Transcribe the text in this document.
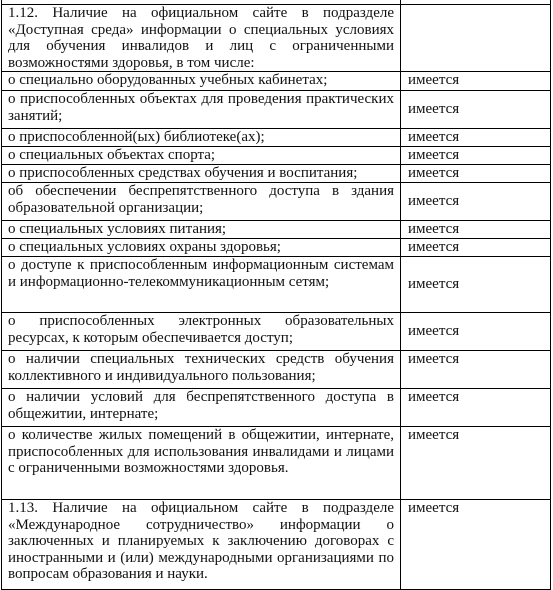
1.12. Наличие на официальном сайте в подразделе «Доступная среда» информации о специальных условиях для обучения инвалидов и лиц с ограниченными возможностями здоровья, в том числе:	
о специально оборудованных учебных кабинетах;	имеется
о приспособленных объектах для проведения практических занятий;	имеется
о приспособленной(ых) библиотеке(ах);	имеется
о специальных объектах спорта;	имеется
о приспособленных средствах обучения и воспитания;	имеется
об обеспечении беспрепятственного доступа в здания образовательной организации;	имеется
о специальных условиях питания;	имеется
о специальных условиях охраны здоровья;	имеется
о доступе к приспособленным информационным системам и информационно-телекоммуникационным сетям;	имеется
о приспособленных электронных образовательных ресурсах, к которым обеспечивается доступ;	имеется
о наличии специальных технических средств обучения коллективного и индивидуального пользования;	имеется
о наличии условий для беспрепятственного доступа в общежитии, интернате;	имеется
о количестве жилых помещений в общежитии, интернате, приспособленных для использования инвалидами и лицами с ограниченными возможностями здоровья.	имеется
1.13. Наличие на официальном сайте в подразделе «Международное сотрудничество» информации о заключенных и планируемых к заключению договорах с иностранными и (или) международными организациями по вопросам образования и науки.	имеется
